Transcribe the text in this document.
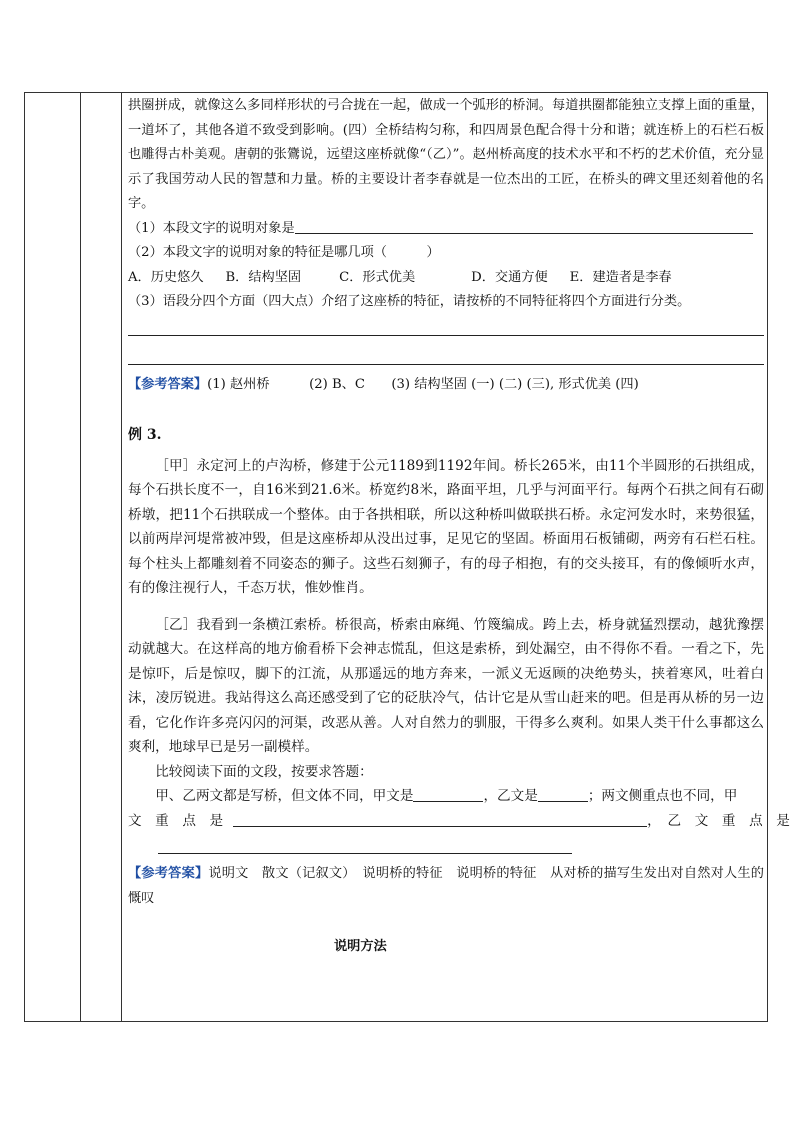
拱圈拼成，就像这么多同样形状的弓合拢在一起，做成一个弧形的桥洞。每道拱圈都能独立支撑上面的重量，一道坏了，其他各道不致受到影响。(四）全桥结构匀称，和四周景色配合得十分和谐；就连桥上的石栏石板也雕得古朴美观。唐朝的张鷟说，远望这座桥就像“（乙）”。赵州桥高度的技术水平和不朽的艺术价值，充分显示了我国劳动人民的智慧和力量。桥的主要设计者李春就是一位杰出的工匠，在桥头的碑文里还刻着他的名字。

（1）本段文字的说明对象是

（2）本段文字的说明对象的特征是哪几项（　　　）

A．历史悠久 B．结构坚固	C．形式优美	D．交通方便 E．建造者是李春

（3）语段分四个方面（四大点）介绍了这座桥的特征，请按桥的不同特征将四个方面进行分类。

【参考答案】(1) 赵州桥　　　(2) B、C　　(3) 结构坚固 (一) (二) (三), 形式优美 (四)

例 3.

［甲］永定河上的卢沟桥，修建于公元1189到1192年间。桥长265米，由11个半圆形的石拱组成，每个石拱长度不一，自16米到21.6米。桥宽约8米，路面平坦，几乎与河面平行。每两个石拱之间有石砌桥墩，把11个石拱联成一个整体。由于各拱相联，所以这种桥叫做联拱石桥。永定河发水时，来势很猛，以前两岸河堤常被冲毁，但是这座桥却从没出过事，足见它的坚固。桥面用石板铺砌，两旁有石栏石柱。每个柱头上都雕刻着不同姿态的狮子。这些石刻狮子，有的母子相抱，有的交头接耳，有的像倾听水声，有的像注视行人，千态万状，惟妙惟肖。

［乙］我看到一条横江索桥。桥很高，桥索由麻绳、竹篾编成。跨上去，桥身就猛烈摆动，越犹豫摆动就越大。在这样高的地方偷看桥下会神志慌乱，但这是索桥，到处漏空，由不得你不看。一看之下，先是惊吓，后是惊叹，脚下的江流，从那遥远的地方奔来，一派义无返顾的决绝势头，挟着寒风，吐着白沫，凌厉锐进。我站得这么高还感受到了它的砭肤冷气，估计它是从雪山赶来的吧。但是再从桥的另一边看，它化作许多亮闪闪的河渠，改恶从善。人对自然力的驯服，干得多么爽利。如果人类干什么事都这么爽利，地球早已是另一副模样。

比较阅读下面的文段，按要求答题：

甲、乙两文都是写桥，但文体不同，甲文是	，乙文是	；两文侧重点也不同，甲

文　重　点　是	，　乙　文　重　点　是

【参考答案】说明文　散文（记叙文）　说明桥的特征　说明桥的特征　从对桥的描写生发出对自然对人生的慨叹

说明方法
